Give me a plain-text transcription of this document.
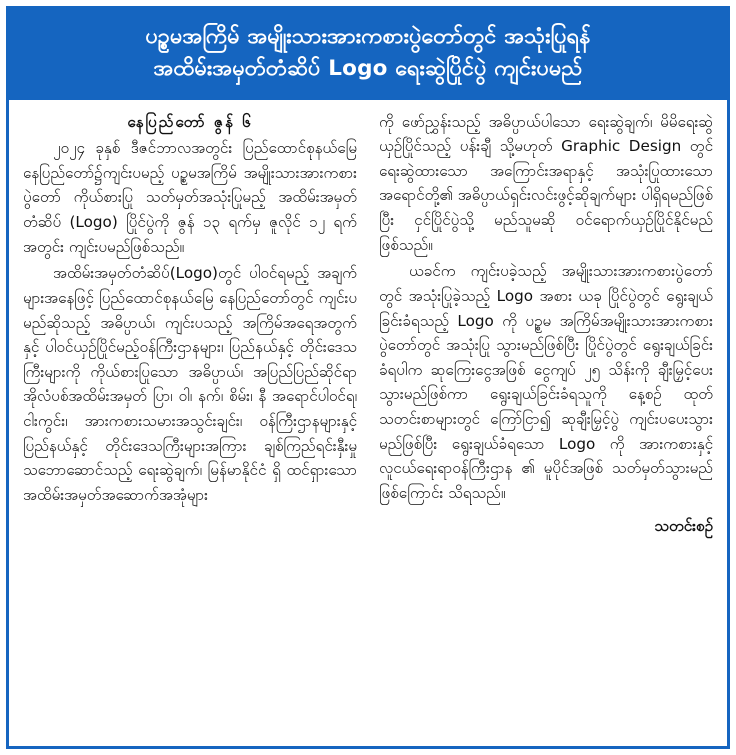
ပဉ္စမအကြိမ် အမျိုးသားအားကစားပွဲတော်တွင် အသုံးပြုရန်
အထိမ်းအမှတ်တံဆိပ် Logo ရေးဆွဲပြိုင်ပွဲ ကျင်းပမည်
နေပြည်တော် ဇွန် ၆

၂၀၂၄ ခုနှစ် ဒီဇင်ဘာလအတွင်း ပြည်ထောင်စုနယ်မြေ နေပြည်တော်၌ကျင်းပမည့် ပဉ္စမအကြိမ် အမျိုးသားအားကစားပွဲတော် ကိုယ်စားပြု သတ်မှတ်အသုံးပြုမည့် အထိမ်းအမှတ်တံဆိပ် (Logo) ပြိုင်ပွဲကို ဇွန် ၁၃ ရက်မှ ဇူလိုင် ၁၂ ရက် အတွင်း ကျင်းပမည်ဖြစ်သည်။

အထိမ်းအမှတ်တံဆိပ်(Logo)တွင် ပါဝင်ရမည့် အချက်များအနေဖြင့် ပြည်ထောင်စုနယ်မြေ နေပြည်တော်တွင် ကျင်းပမည်ဆိုသည့် အဓိပ္ပာယ်၊ ကျင်းပသည့် အကြိမ်အရေအတွက်နှင့် ပါဝင်ယှဉ်ပြိုင်မည့်ဝန်ကြီးဌာနများ၊ ပြည်နယ်နှင့် တိုင်းဒေသကြီးများကို ကိုယ်စားပြုသော အဓိပ္ပာယ်၊ အပြည်ပြည်ဆိုင်ရာ အိုလံပစ်အထိမ်းအမှတ် ပြာ၊ ဝါ၊ နက်၊ စိမ်း၊ နီ အရောင်ပါဝင်ရ၊ ငါးကွင်း၊ အားကစားသမားအသွင်းချင်း၊ ဝန်ကြီးဌာနများနှင့် ပြည်နယ်နှင့် တိုင်းဒေသကြီးများအကြား ချစ်ကြည်ရင်းနှီးမှုသဘောဆောင်သည့် ရေးဆွဲချက်၊ မြန်မာနိုင်ငံ ရှိ ထင်ရှားသော အထိမ်းအမှတ်အဆောက်အအုံများ

ကို ဖော်ညွှန်းသည့် အဓိပ္ပာယ်ပါသော ရေးဆွဲချက်၊ မိမိရေးဆွဲယှဉ်ပြိုင်သည့် ပန်းချီ သို့မဟုတ် Graphic Design တွင် ရေးဆွဲထားသော အကြောင်းအရာနှင့် အသုံးပြုထားသော အရောင်တို့၏ အဓိပ္ပာယ်ရှင်းလင်းဖွင့်ဆိုချက်များ ပါရှိရမည်ဖြစ်ပြီး ငှင်ပြိုင်ပွဲသို့ မည်သူမဆို ဝင်ရောက်ယှဉ်ပြိုင်နိုင်မည်ဖြစ်သည်။

ယခင်က ကျင်းပခဲ့သည့် အမျိုးသားအားကစားပွဲတော်တွင် အသုံးပြုခဲ့သည့် Logo အစား ယခု ပြိုင်ပွဲတွင် ရွေးချယ်ခြင်းခံရသည့် Logo ကို ပဉ္စမ အကြိမ်အမျိုးသားအားကစားပွဲတော်တွင် အသုံးပြု သွားမည်ဖြစ်ပြီး ပြိုင်ပွဲတွင် ရွေးချယ်ခြင်းခံရပါက ဆုကြေးငွေအဖြစ် ငွေကျပ် ၂၅ သိန်းကို ချီးမြှင့်ပေး သွားမည်ဖြစ်ကာ ရွေးချယ်ခြင်းခံရသူကို နေ့စဉ် ထုတ်သတင်းစာများတွင် ကြော်ငြာ၍ ဆုချီးမြှင့်ပွဲ ကျင်းပပေးသွားမည်ဖြစ်ပြီး ရွေးချယ်ခံရသော Logo ကို အားကစားနှင့် လူငယ်ရေးရာဝန်ကြီးဌာန ၏ မူပိုင်အဖြစ် သတ်မှတ်သွားမည်ဖြစ်ကြောင်း သိရသည်။

သတင်းစဉ်
